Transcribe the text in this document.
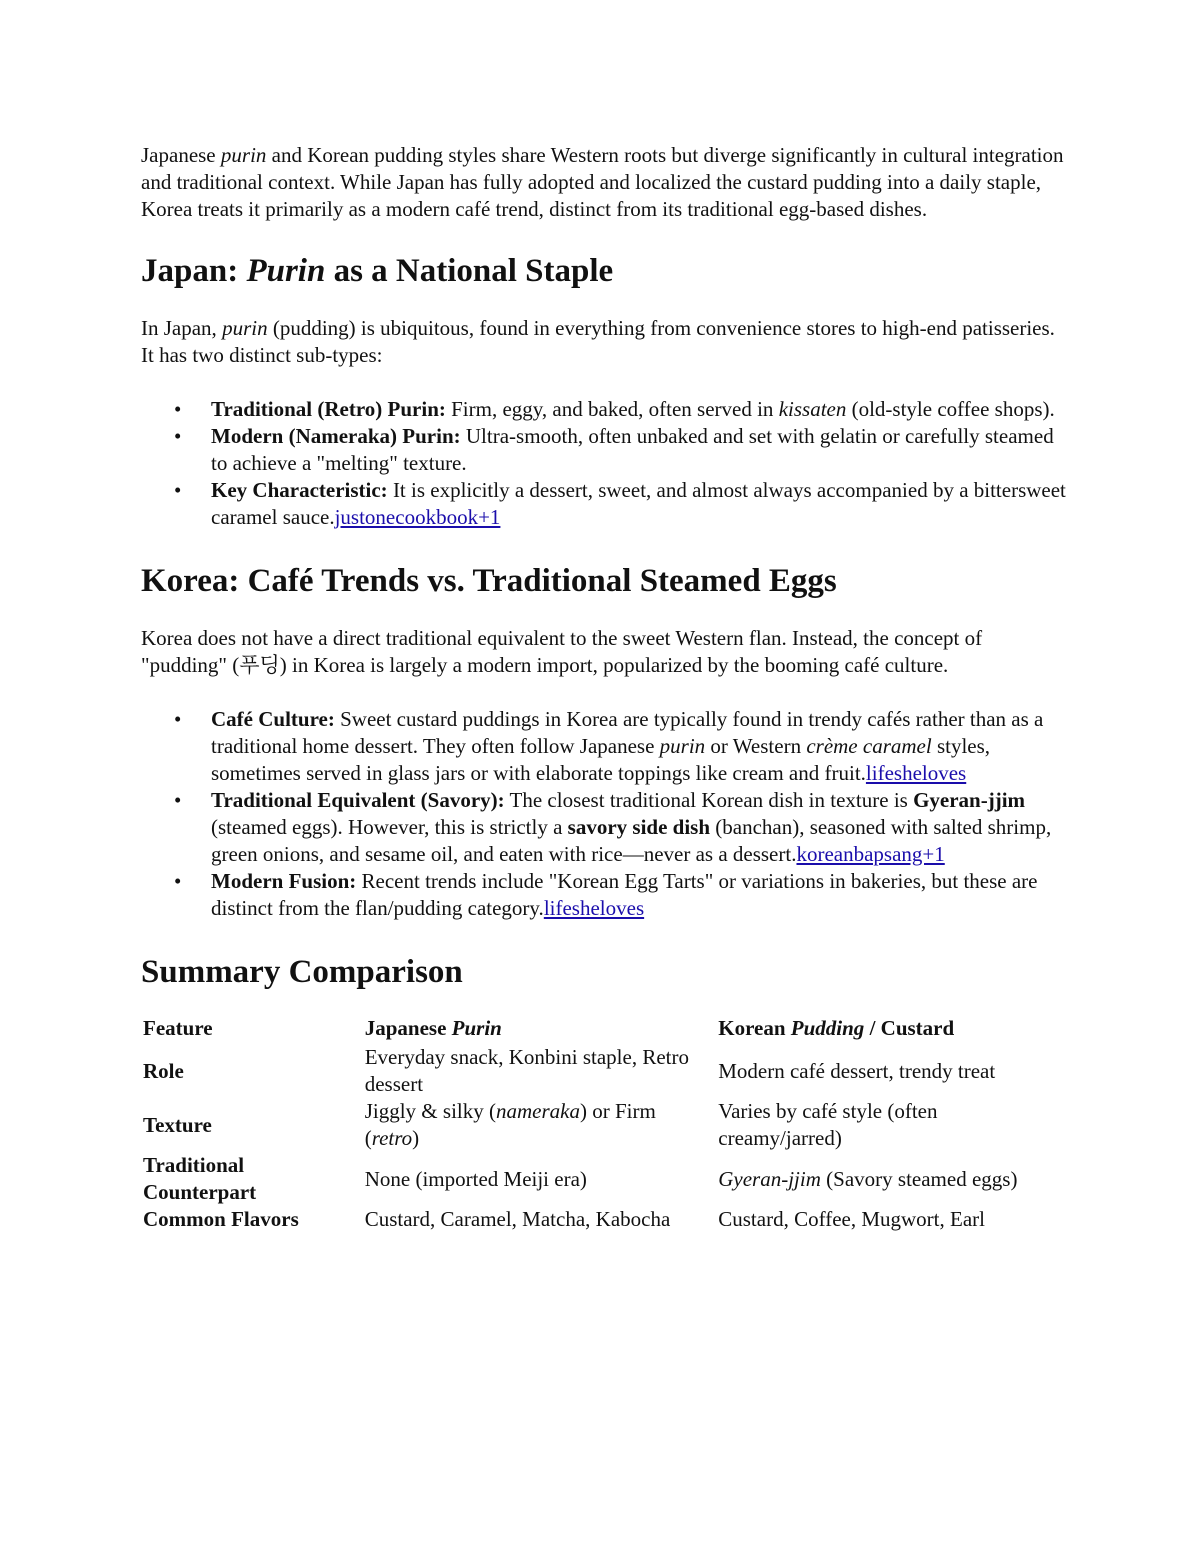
Japanese purin and Korean pudding styles share Western roots but diverge significantly in cultural integration and traditional context. While Japan has fully adopted and localized the custard pudding into a daily staple, Korea treats it primarily as a modern café trend, distinct from its traditional egg-based dishes.

Japan: Purin as a National Staple

In Japan, purin (pudding) is ubiquitous, found in everything from convenience stores to high-end patisseries. It has two distinct sub-types:

• Traditional (Retro) Purin: Firm, eggy, and baked, often served in kissaten (old-style coffee shops).
• Modern (Nameraka) Purin: Ultra-smooth, often unbaked and set with gelatin or carefully steamed to achieve a "melting" texture.
• Key Characteristic: It is explicitly a dessert, sweet, and almost always accompanied by a bittersweet caramel sauce.justonecookbook+1
Korea: Café Trends vs. Traditional Steamed Eggs

Korea does not have a direct traditional equivalent to the sweet Western flan. Instead, the concept of "pudding" (푸딩) in Korea is largely a modern import, popularized by the booming café culture.

• Café Culture: Sweet custard puddings in Korea are typically found in trendy cafés rather than as a traditional home dessert. They often follow Japanese purin or Western crème caramel styles, sometimes served in glass jars or with elaborate toppings like cream and fruit.lifesheloves
• Traditional Equivalent (Savory): The closest traditional Korean dish in texture is Gyeran-jjim (steamed eggs). However, this is strictly a savory side dish (banchan), seasoned with salted shrimp, green onions, and sesame oil, and eaten with rice—never as a dessert.koreanbapsang+1
• Modern Fusion: Recent trends include "Korean Egg Tarts" or variations in bakeries, but these are distinct from the flan/pudding category.lifesheloves
Summary Comparison
Feature	Japanese Purin	Korean Pudding / Custard
Role	Everyday snack, Konbini staple, Retro dessert	Modern café dessert, trendy treat
Texture	Jiggly & silky (nameraka) or Firm (retro)	Varies by café style (often creamy/jarred)
Traditional Counterpart	None (imported Meiji era)	Gyeran-jjim (Savory steamed eggs)
Common Flavors	Custard, Caramel, Matcha, Kabocha	Custard, Coffee, Mugwort, Earl
